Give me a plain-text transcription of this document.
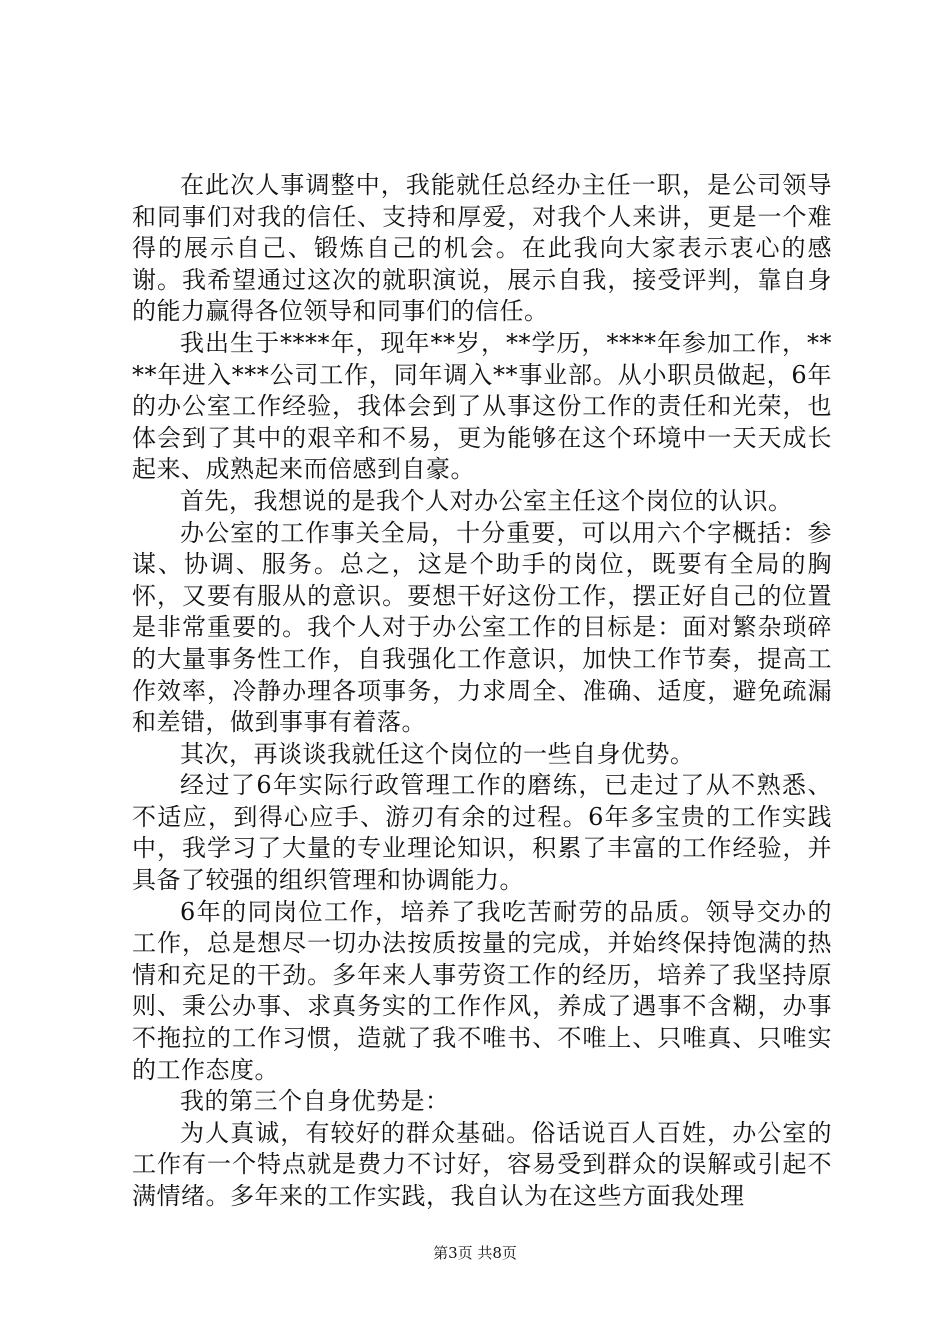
在此次人事调整中，我能就任总经办主任一职，是公司领导和同事们对我的信任、支持和厚爱，对我个人来讲，更是一个难得的展示自己、锻炼自己的机会。在此我向大家表示衷心的感谢。我希望通过这次的就职演说，展示自我，接受评判，靠自身的能力赢得各位领导和同事们的信任。

我出生于****年，现年**岁，**学历，****年参加工作，****年进入***公司工作，同年调入**事业部。从小职员做起，6年的办公室工作经验，我体会到了从事这份工作的责任和光荣，也体会到了其中的艰辛和不易，更为能够在这个环境中一天天成长起来、成熟起来而倍感到自豪。

首先，我想说的是我个人对办公室主任这个岗位的认识。

办公室的工作事关全局，十分重要，可以用六个字概括：参谋、协调、服务。总之，这是个助手的岗位，既要有全局的胸怀，又要有服从的意识。要想干好这份工作，摆正好自己的位置是非常重要的。我个人对于办公室工作的目标是：面对繁杂琐碎的大量事务性工作，自我强化工作意识，加快工作节奏，提高工作效率，冷静办理各项事务，力求周全、准确、适度，避免疏漏和差错，做到事事有着落。

其次，再谈谈我就任这个岗位的一些自身优势。

经过了6年实际行政管理工作的磨练，已走过了从不熟悉、不适应，到得心应手、游刃有余的过程。6年多宝贵的工作实践中，我学习了大量的专业理论知识，积累了丰富的工作经验，并具备了较强的组织管理和协调能力。

6年的同岗位工作，培养了我吃苦耐劳的品质。领导交办的工作，总是想尽一切办法按质按量的完成，并始终保持饱满的热情和充足的干劲。多年来人事劳资工作的经历，培养了我坚持原则、秉公办事、求真务实的工作作风，养成了遇事不含糊，办事不拖拉的工作习惯，造就了我不唯书、不唯上、只唯真、只唯实的工作态度。

我的第三个自身优势是：

为人真诚，有较好的群众基础。俗话说百人百姓，办公室的工作有一个特点就是费力不讨好，容易受到群众的误解或引起不满情绪。多年来的工作实践，我自认为在这些方面我处理

第3页 共8页
